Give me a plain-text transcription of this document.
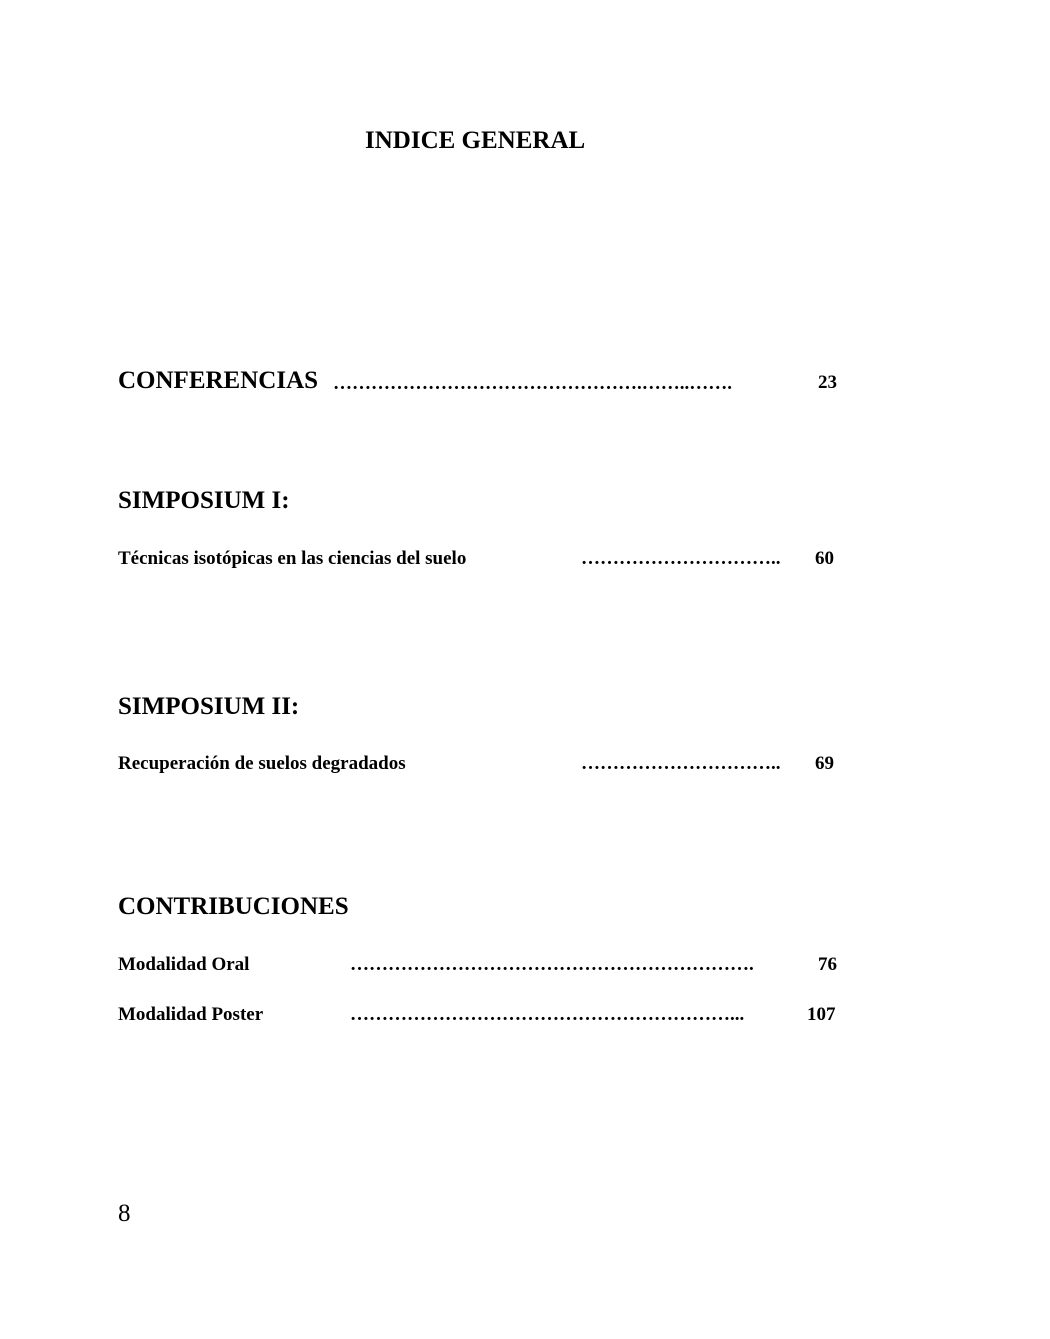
INDICE GENERAL
CONFERENCIAS ………………………………………….……..…….	23
SIMPOSIUM I:
Técnicas isotópicas en las ciencias del suelo	………………………….. 60
SIMPOSIUM II:
Recuperación de suelos degradados	………………………….. 69
CONTRIBUCIONES
Modalidad Oral	……………………………………………………….	76
Modalidad Poster	……………………………………………………...	107
8
